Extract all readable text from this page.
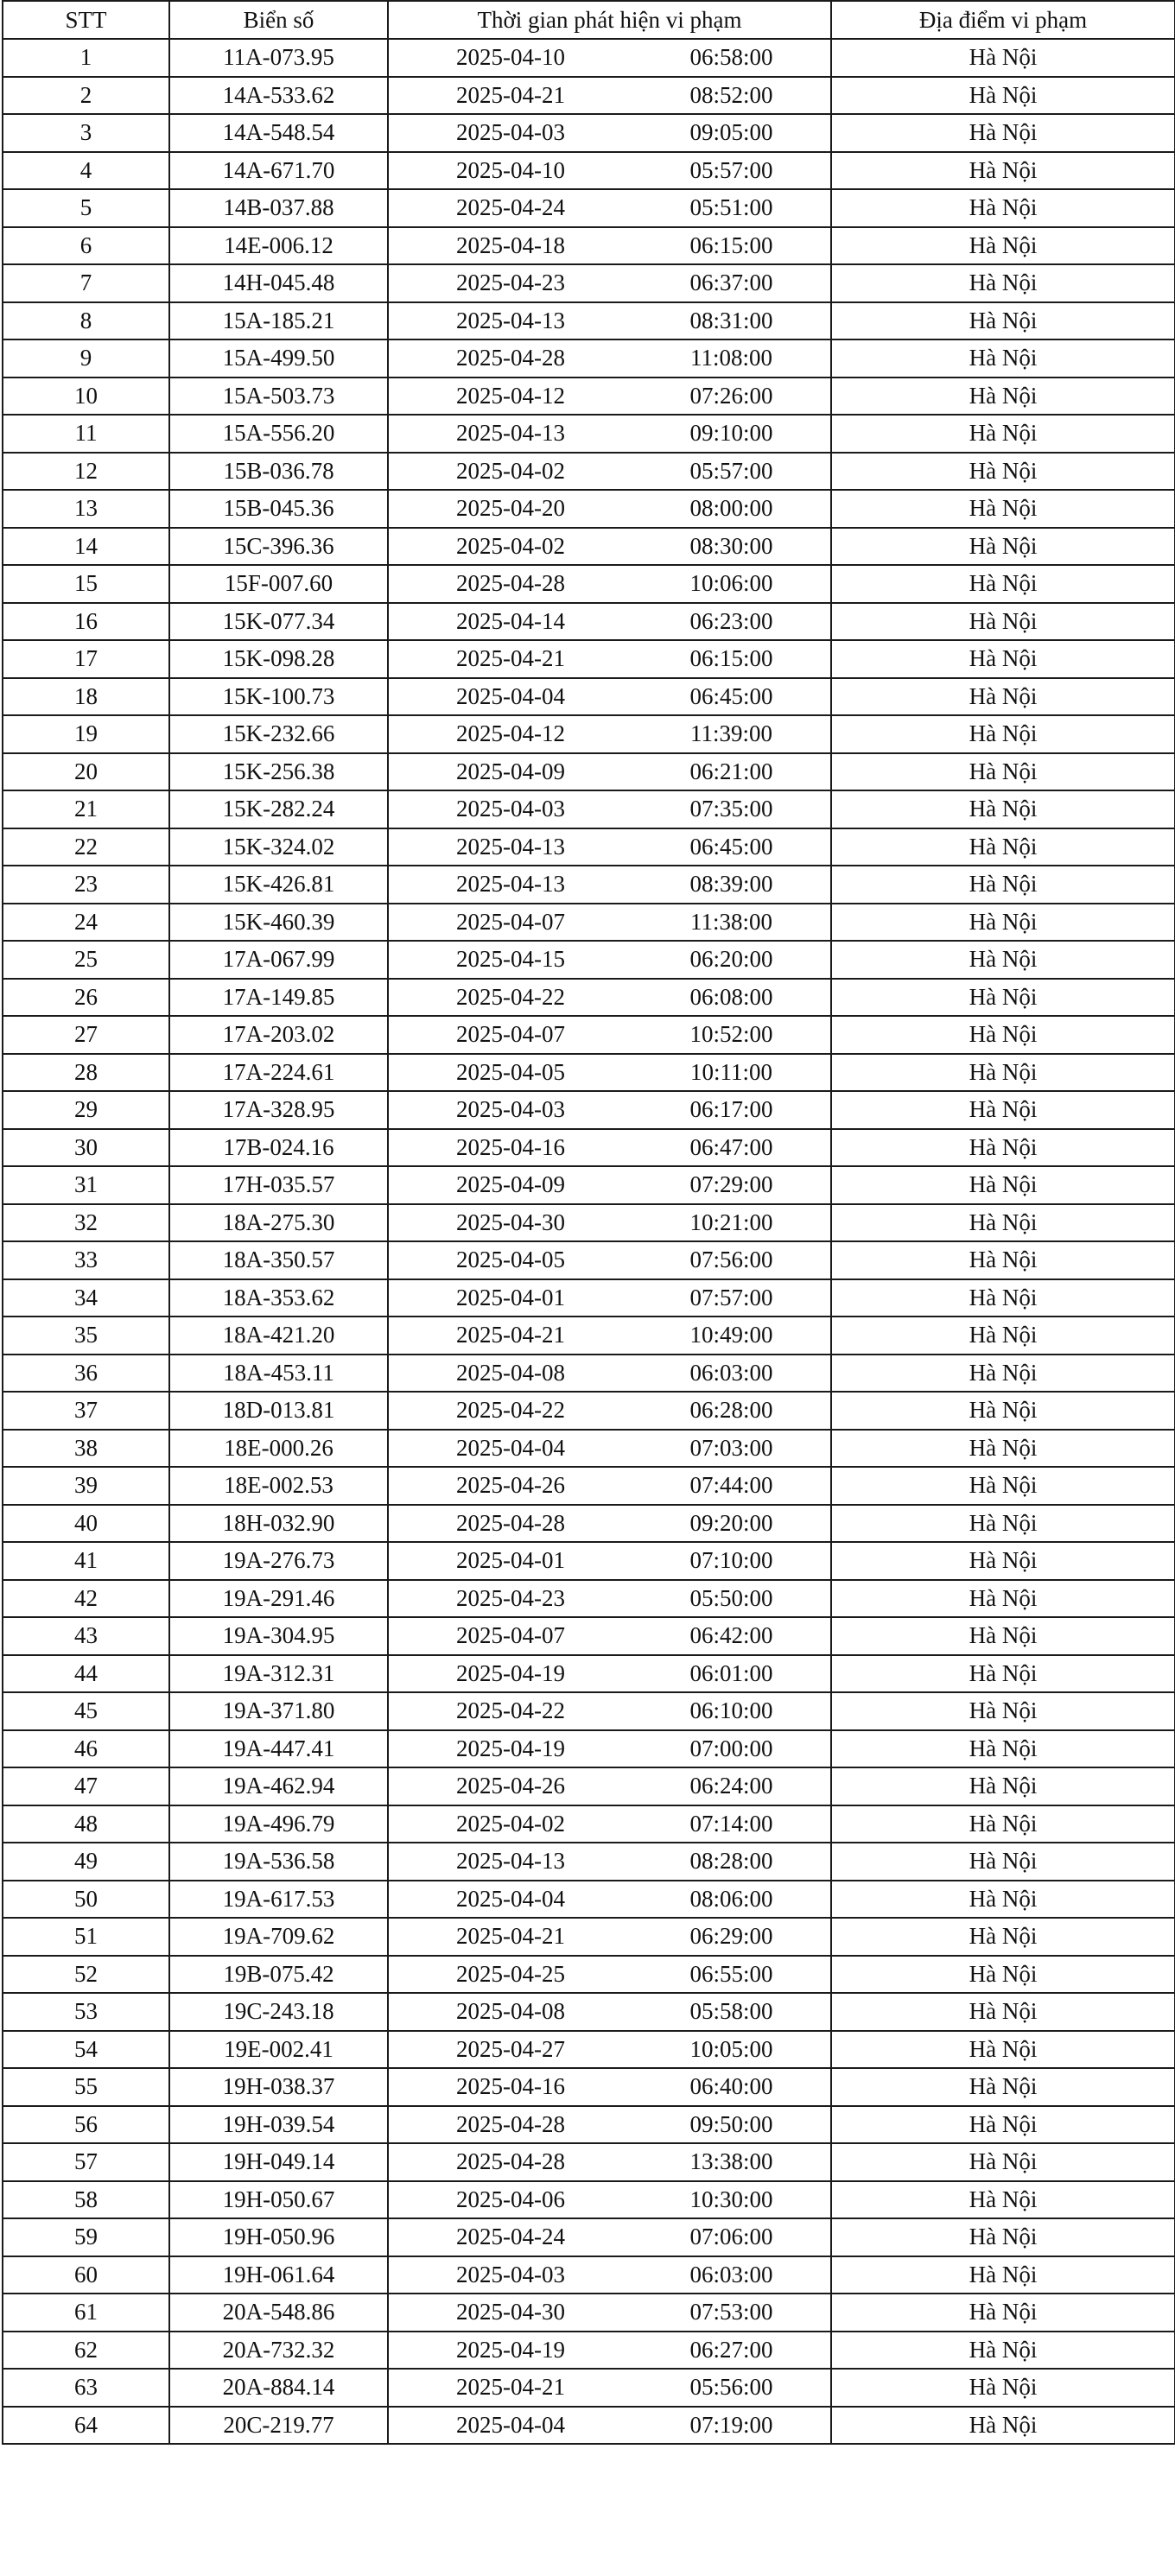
STT	Biển số	Thời gian phát hiện vi phạm		Địa điểm vi phạm
1	11A-073.95	2025-04-10	06:58:00	Hà Nội
2	14A-533.62	2025-04-21	08:52:00	Hà Nội
3	14A-548.54	2025-04-03	09:05:00	Hà Nội
4	14A-671.70	2025-04-10	05:57:00	Hà Nội
5	14B-037.88	2025-04-24	05:51:00	Hà Nội
6	14E-006.12	2025-04-18	06:15:00	Hà Nội
7	14H-045.48	2025-04-23	06:37:00	Hà Nội
8	15A-185.21	2025-04-13	08:31:00	Hà Nội
9	15A-499.50	2025-04-28	11:08:00	Hà Nội
10	15A-503.73	2025-04-12	07:26:00	Hà Nội
11	15A-556.20	2025-04-13	09:10:00	Hà Nội
12	15B-036.78	2025-04-02	05:57:00	Hà Nội
13	15B-045.36	2025-04-20	08:00:00	Hà Nội
14	15C-396.36	2025-04-02	08:30:00	Hà Nội
15	15F-007.60	2025-04-28	10:06:00	Hà Nội
16	15K-077.34	2025-04-14	06:23:00	Hà Nội
17	15K-098.28	2025-04-21	06:15:00	Hà Nội
18	15K-100.73	2025-04-04	06:45:00	Hà Nội
19	15K-232.66	2025-04-12	11:39:00	Hà Nội
20	15K-256.38	2025-04-09	06:21:00	Hà Nội
21	15K-282.24	2025-04-03	07:35:00	Hà Nội
22	15K-324.02	2025-04-13	06:45:00	Hà Nội
23	15K-426.81	2025-04-13	08:39:00	Hà Nội
24	15K-460.39	2025-04-07	11:38:00	Hà Nội
25	17A-067.99	2025-04-15	06:20:00	Hà Nội
26	17A-149.85	2025-04-22	06:08:00	Hà Nội
27	17A-203.02	2025-04-07	10:52:00	Hà Nội
28	17A-224.61	2025-04-05	10:11:00	Hà Nội
29	17A-328.95	2025-04-03	06:17:00	Hà Nội
30	17B-024.16	2025-04-16	06:47:00	Hà Nội
31	17H-035.57	2025-04-09	07:29:00	Hà Nội
32	18A-275.30	2025-04-30	10:21:00	Hà Nội
33	18A-350.57	2025-04-05	07:56:00	Hà Nội
34	18A-353.62	2025-04-01	07:57:00	Hà Nội
35	18A-421.20	2025-04-21	10:49:00	Hà Nội
36	18A-453.11	2025-04-08	06:03:00	Hà Nội
37	18D-013.81	2025-04-22	06:28:00	Hà Nội
38	18E-000.26	2025-04-04	07:03:00	Hà Nội
39	18E-002.53	2025-04-26	07:44:00	Hà Nội
40	18H-032.90	2025-04-28	09:20:00	Hà Nội
41	19A-276.73	2025-04-01	07:10:00	Hà Nội
42	19A-291.46	2025-04-23	05:50:00	Hà Nội
43	19A-304.95	2025-04-07	06:42:00	Hà Nội
44	19A-312.31	2025-04-19	06:01:00	Hà Nội
45	19A-371.80	2025-04-22	06:10:00	Hà Nội
46	19A-447.41	2025-04-19	07:00:00	Hà Nội
47	19A-462.94	2025-04-26	06:24:00	Hà Nội
48	19A-496.79	2025-04-02	07:14:00	Hà Nội
49	19A-536.58	2025-04-13	08:28:00	Hà Nội
50	19A-617.53	2025-04-04	08:06:00	Hà Nội
51	19A-709.62	2025-04-21	06:29:00	Hà Nội
52	19B-075.42	2025-04-25	06:55:00	Hà Nội
53	19C-243.18	2025-04-08	05:58:00	Hà Nội
54	19E-002.41	2025-04-27	10:05:00	Hà Nội
55	19H-038.37	2025-04-16	06:40:00	Hà Nội
56	19H-039.54	2025-04-28	09:50:00	Hà Nội
57	19H-049.14	2025-04-28	13:38:00	Hà Nội
58	19H-050.67	2025-04-06	10:30:00	Hà Nội
59	19H-050.96	2025-04-24	07:06:00	Hà Nội
60	19H-061.64	2025-04-03	06:03:00	Hà Nội
61	20A-548.86	2025-04-30	07:53:00	Hà Nội
62	20A-732.32	2025-04-19	06:27:00	Hà Nội
63	20A-884.14	2025-04-21	05:56:00	Hà Nội
64	20C-219.77	2025-04-04	07:19:00	Hà Nội
